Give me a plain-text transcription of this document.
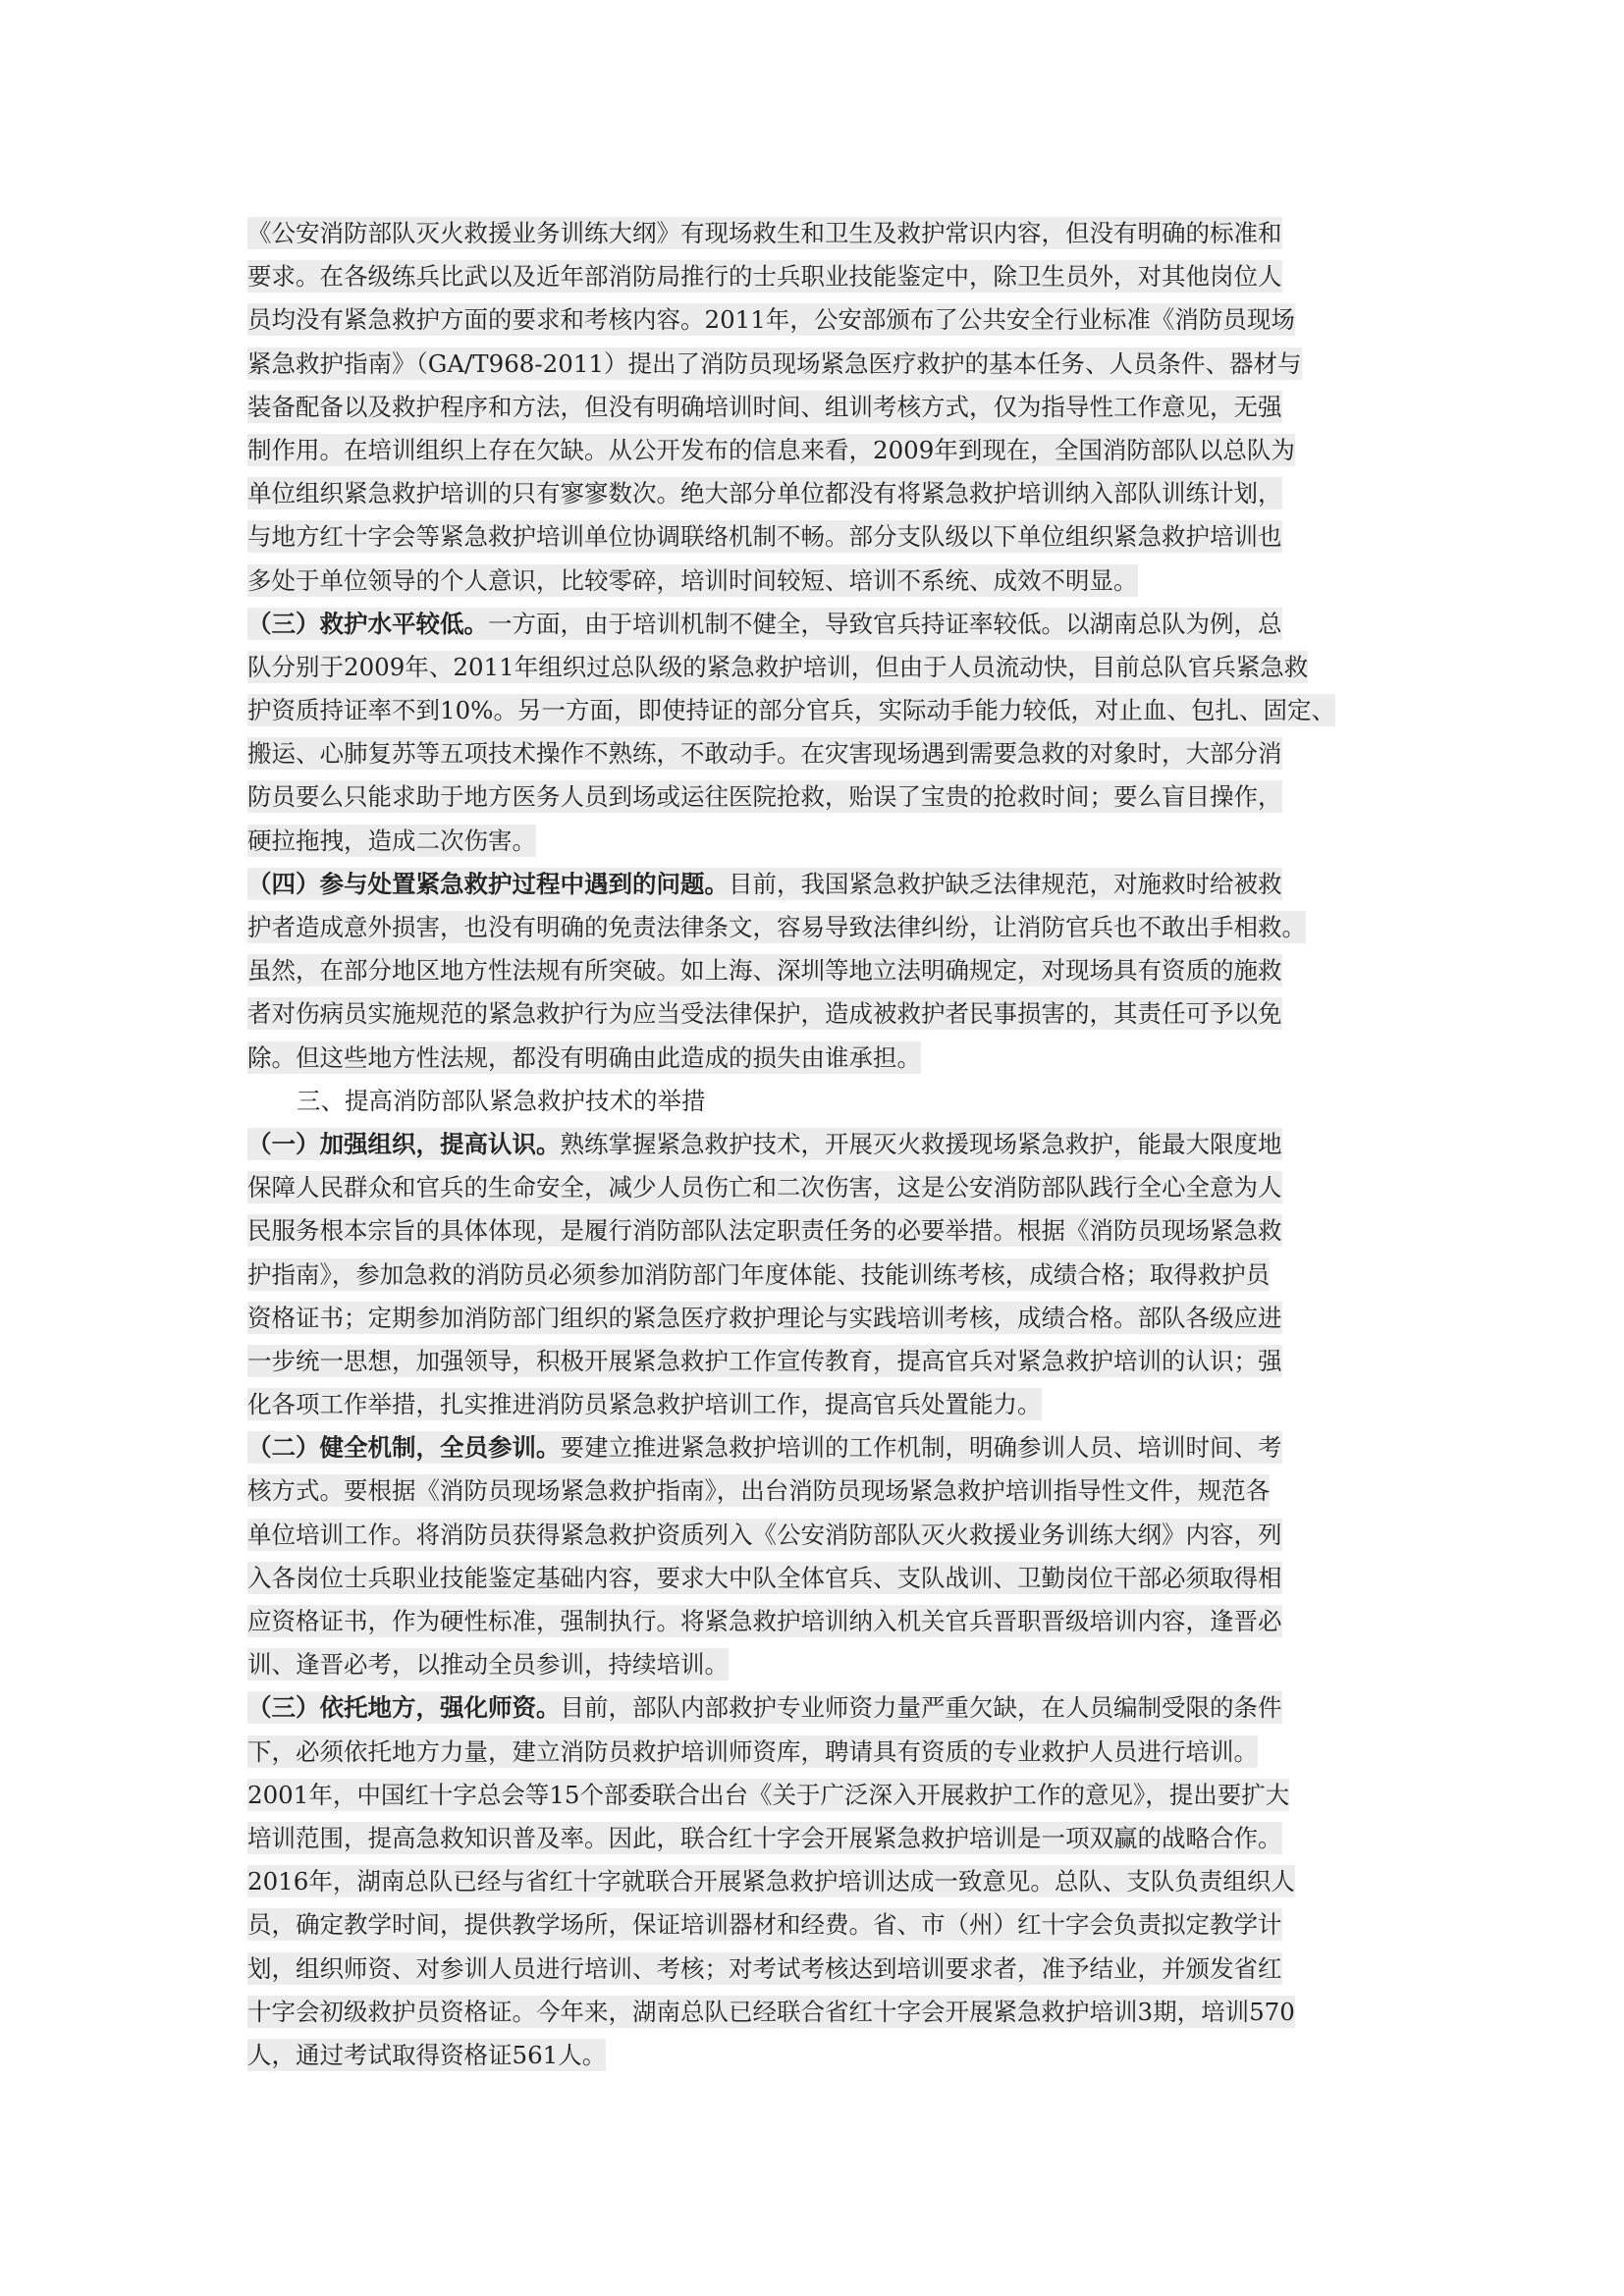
《公安消防部队灭火救援业务训练大纲》有现场救生和卫生及救护常识内容，但没有明确的标准和
要求。在各级练兵比武以及近年部消防局推行的士兵职业技能鉴定中，除卫生员外，对其他岗位人
员均没有紧急救护方面的要求和考核内容。2011年，公安部颁布了公共安全行业标准《消防员现场
紧急救护指南》（GA/T968-2011）提出了消防员现场紧急医疗救护的基本任务、人员条件、器材与
装备配备以及救护程序和方法，但没有明确培训时间、组训考核方式，仅为指导性工作意见，无强
制作用。在培训组织上存在欠缺。从公开发布的信息来看，2009年到现在，全国消防部队以总队为
单位组织紧急救护培训的只有寥寥数次。绝大部分单位都没有将紧急救护培训纳入部队训练计划，
与地方红十字会等紧急救护培训单位协调联络机制不畅。部分支队级以下单位组织紧急救护培训也
多处于单位领导的个人意识，比较零碎，培训时间较短、培训不系统、成效不明显。
（三）救护水平较低。一方面，由于培训机制不健全，导致官兵持证率较低。以湖南总队为例，总
队分别于2009年、2011年组织过总队级的紧急救护培训，但由于人员流动快，目前总队官兵紧急救
护资质持证率不到10%。另一方面，即使持证的部分官兵，实际动手能力较低，对止血、包扎、固定、
搬运、心肺复苏等五项技术操作不熟练，不敢动手。在灾害现场遇到需要急救的对象时，大部分消
防员要么只能求助于地方医务人员到场或运往医院抢救，贻误了宝贵的抢救时间；要么盲目操作，
硬拉拖拽，造成二次伤害。
（四）参与处置紧急救护过程中遇到的问题。目前，我国紧急救护缺乏法律规范，对施救时给被救
护者造成意外损害，也没有明确的免责法律条文，容易导致法律纠纷，让消防官兵也不敢出手相救。
虽然，在部分地区地方性法规有所突破。如上海、深圳等地立法明确规定，对现场具有资质的施救
者对伤病员实施规范的紧急救护行为应当受法律保护，造成被救护者民事损害的，其责任可予以免
除。但这些地方性法规，都没有明确由此造成的损失由谁承担。
三、提高消防部队紧急救护技术的举措
（一）加强组织，提高认识。熟练掌握紧急救护技术，开展灭火救援现场紧急救护，能最大限度地
保障人民群众和官兵的生命安全，减少人员伤亡和二次伤害，这是公安消防部队践行全心全意为人
民服务根本宗旨的具体体现，是履行消防部队法定职责任务的必要举措。根据《消防员现场紧急救
护指南》，参加急救的消防员必须参加消防部门年度体能、技能训练考核，成绩合格；取得救护员
资格证书；定期参加消防部门组织的紧急医疗救护理论与实践培训考核，成绩合格。部队各级应进
一步统一思想，加强领导，积极开展紧急救护工作宣传教育，提高官兵对紧急救护培训的认识；强
化各项工作举措，扎实推进消防员紧急救护培训工作，提高官兵处置能力。
（二）健全机制，全员参训。要建立推进紧急救护培训的工作机制，明确参训人员、培训时间、考
核方式。要根据《消防员现场紧急救护指南》，出台消防员现场紧急救护培训指导性文件，规范各
单位培训工作。将消防员获得紧急救护资质列入《公安消防部队灭火救援业务训练大纲》内容，列
入各岗位士兵职业技能鉴定基础内容，要求大中队全体官兵、支队战训、卫勤岗位干部必须取得相
应资格证书，作为硬性标准，强制执行。将紧急救护培训纳入机关官兵晋职晋级培训内容，逢晋必
训、逢晋必考，以推动全员参训，持续培训。
（三）依托地方，强化师资。目前，部队内部救护专业师资力量严重欠缺，在人员编制受限的条件
下，必须依托地方力量，建立消防员救护培训师资库，聘请具有资质的专业救护人员进行培训。
2001年，中国红十字总会等15个部委联合出台《关于广泛深入开展救护工作的意见》，提出要扩大
培训范围，提高急救知识普及率。因此，联合红十字会开展紧急救护培训是一项双赢的战略合作。
2016年，湖南总队已经与省红十字就联合开展紧急救护培训达成一致意见。总队、支队负责组织人
员，确定教学时间，提供教学场所，保证培训器材和经费。省、市（州）红十字会负责拟定教学计
划，组织师资、对参训人员进行培训、考核；对考试考核达到培训要求者，准予结业，并颁发省红
十字会初级救护员资格证。今年来，湖南总队已经联合省红十字会开展紧急救护培训3期，培训570
人，通过考试取得资格证561人。
